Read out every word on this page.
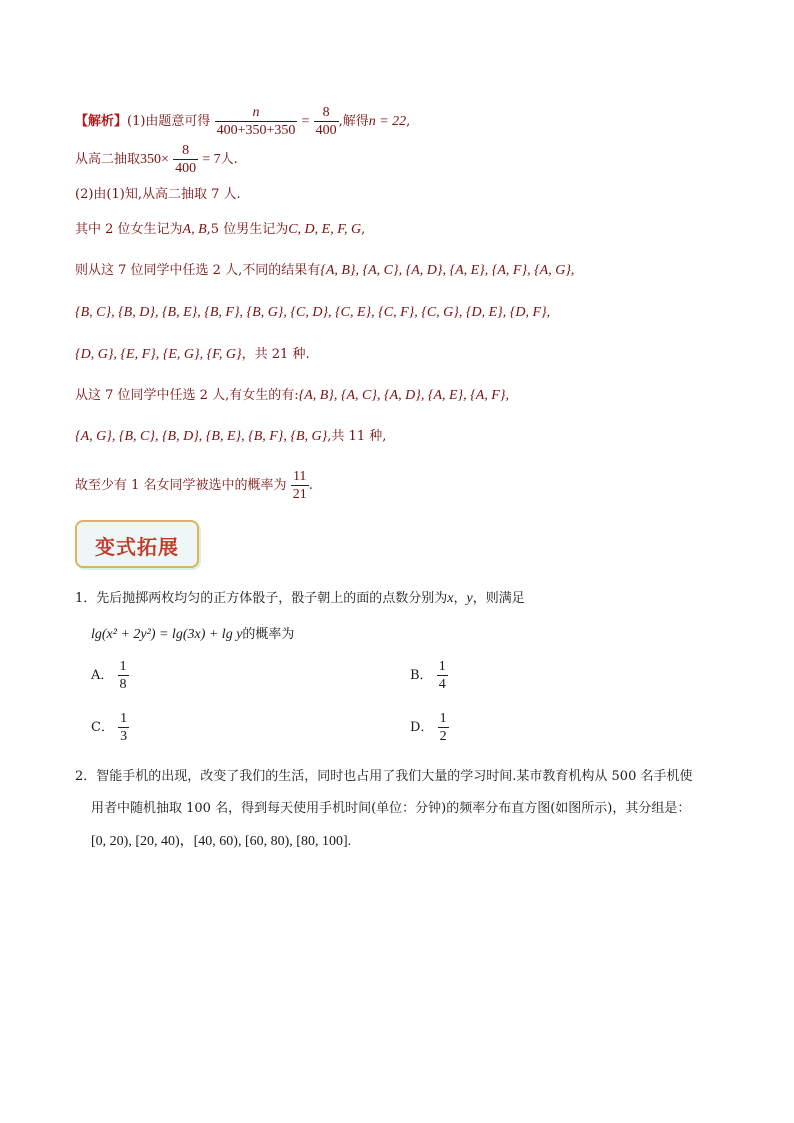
【解析】(1)由题意可得 $\frac{n}{400+350+350} = \frac{8}{400}$ ,解得n = 22,
从高二抽取$350\times \frac{8}{400} = 7$人.
(2)由(1)知,从高二抽取 7 人.
其中 2 位女生记为A, B,5 位男生记为C, D, E, F, G,
则从这 7 位同学中任选 2 人,不同的结果有{A, B}, {A, C}, {A, D}, {A, E}, {A, F}, {A, G},
{B, C}, {B, D}, {B, E}, {B, F}, {B, G}, {C, D}, {C, E}, {C, F}, {C, G}, {D, E}, {D, F},
{D, G}, {E, F}, {E, G}, {F, G}，共 21 种.
从这 7 位同学中任选 2 人,有女生的有:{A, B}, {A, C}, {A, D}, {A, E}, {A, F},
{A, G}, {B, C}, {B, D}, {B, E}, {B, F}, {B, G},共 11 种,
故至少有 1 名女同学被选中的概率为 $\frac{11}{21}$ .
变式拓展
1．先后抛掷两枚均匀的正方体骰子，骰子朝上的面的点数分别为x，y，则满足
lg(x² + 2y²) = lg(3x) + lg y的概率为
A． $\frac{1}{8}$	B． $\frac{1}{4}$
C． $\frac{1}{3}$	D． $\frac{1}{2}$
2．智能手机的出现，改变了我们的生活，同时也占用了我们大量的学习时间.某市教育机构从 500 名手机使
用者中随机抽取 100 名，得到每天使用手机时间(单位：分钟)的频率分布直方图(如图所示)，其分组是：
[0, 20), [20, 40)，[40, 60), [60, 80), [80, 100].
